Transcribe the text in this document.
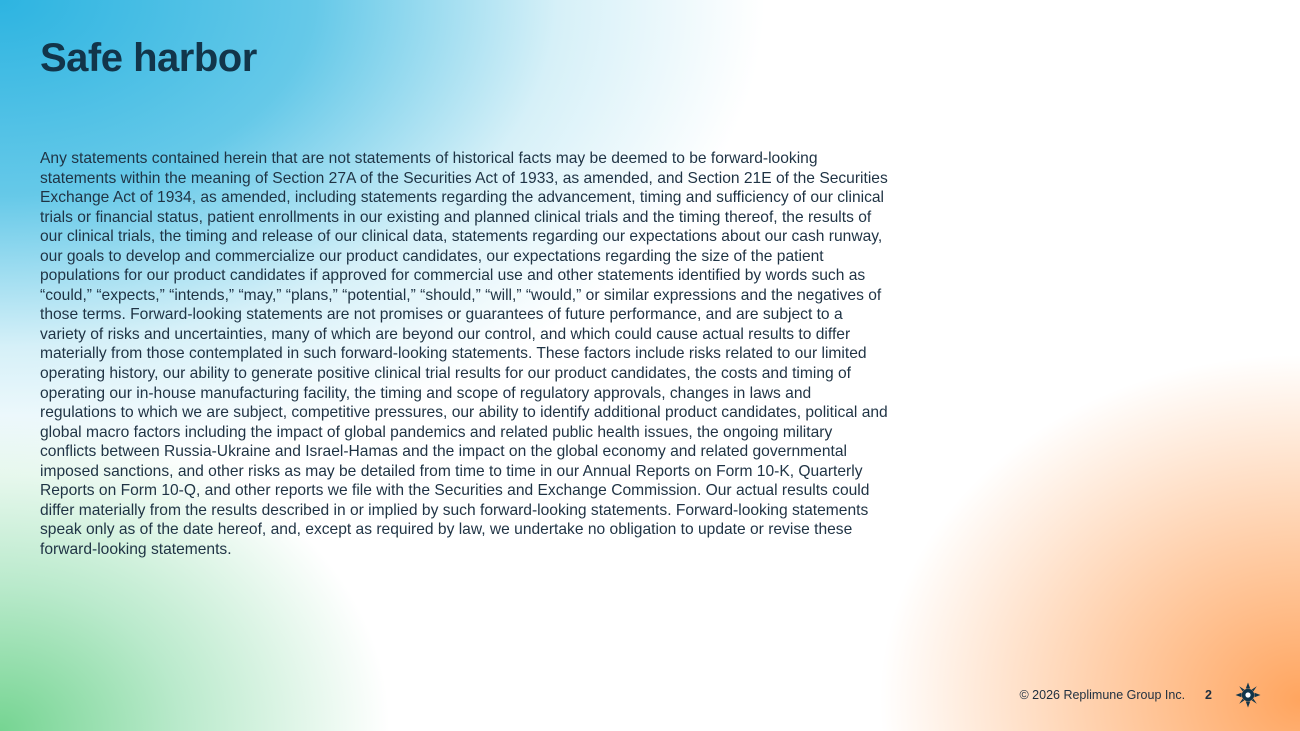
Safe harbor

Any statements contained herein that are not statements of historical facts may be deemed to be forward-looking statements within the meaning of Section 27A of the Securities Act of 1933, as amended, and Section 21E of the Securities Exchange Act of 1934, as amended, including statements regarding the advancement, timing and sufficiency of our clinical trials or financial status, patient enrollments in our existing and planned clinical trials and the timing thereof, the results of our clinical trials, the timing and release of our clinical data, statements regarding our expectations about our cash runway, our goals to develop and commercialize our product candidates, our expectations regarding the size of the patient populations for our product candidates if approved for commercial use and other statements identified by words such as “could,” “expects,” “intends,” “may,” “plans,” “potential,” “should,” “will,” “would,” or similar expressions and the negatives of those terms. Forward-looking statements are not promises or guarantees of future performance, and are subject to a variety of risks and uncertainties, many of which are beyond our control, and which could cause actual results to differ materially from those contemplated in such forward-looking statements. These factors include risks related to our limited operating history, our ability to generate positive clinical trial results for our product candidates, the costs and timing of operating our in-house manufacturing facility, the timing and scope of regulatory approvals, changes in laws and regulations to which we are subject, competitive pressures, our ability to identify additional product candidates, political and global macro factors including the impact of global pandemics and related public health issues, the ongoing military conflicts between Russia-Ukraine and Israel-Hamas and the impact on the global economy and related governmental imposed sanctions, and other risks as may be detailed from time to time in our Annual Reports on Form 10-K, Quarterly Reports on Form 10-Q, and other reports we file with the Securities and Exchange Commission. Our actual results could differ materially from the results described in or implied by such forward-looking statements. Forward-looking statements speak only as of the date hereof, and, except as required by law, we undertake no obligation to update or revise these forward-looking statements.

© 2026 Replimune Group Inc. 2
